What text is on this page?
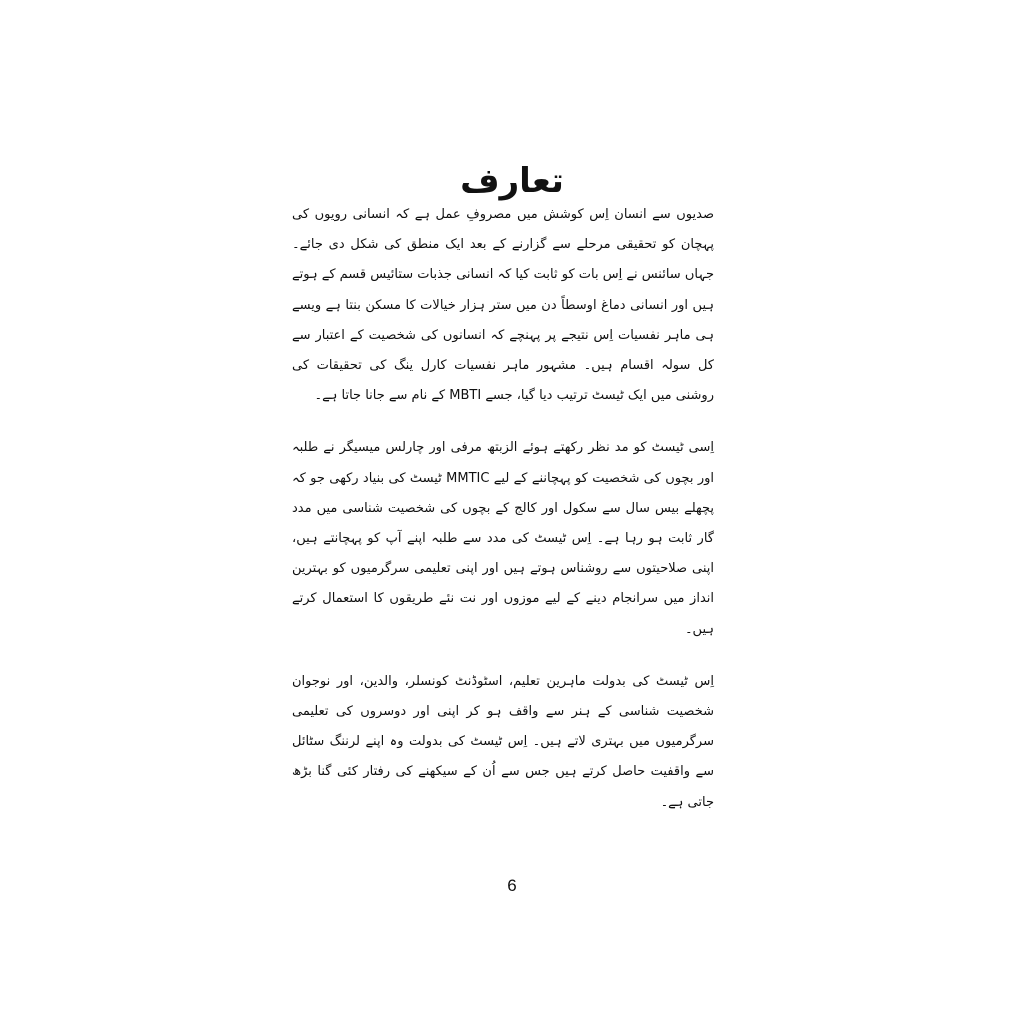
تعارف

صدیوں سے انسان اِس کوشش میں مصروفِ عمل ہے کہ انسانی رویوں کی پہچان کو تحقیقی مرحلے سے گزارنے کے بعد ایک منطق کی شکل دی جائے۔ جہاں سائنس نے اِس بات کو ثابت کیا کہ انسانی جذبات ستائیس قسم کے ہوتے ہیں اور انسانی دماغ اوسطاً دن میں ستر ہزار خیالات کا مسکن بنتا ہے ویسے ہی ماہر نفسیات اِس نتیجے پر پہنچے کہ انسانوں کی شخصیت کے اعتبار سے کل سولہ اقسام ہیں۔ مشہور ماہر نفسیات کارل ینگ کی تحقیقات کی روشنی میں ایک ٹیسٹ ترتیب دیا گیا، جسے MBTI کے نام سے جانا جاتا ہے۔

اِسی ٹیسٹ کو مد نظر رکھتے ہوئے الزبتھ مرفی اور چارلس میسیگر نے طلبہ اور بچوں کی شخصیت کو پہچاننے کے لیے MMTIC ٹیسٹ کی بنیاد رکھی جو کہ پچھلے بیس سال سے سکول اور کالج کے بچوں کی شخصیت شناسی میں مدد گار ثابت ہو رہا ہے۔ اِس ٹیسٹ کی مدد سے طلبہ اپنے آپ کو پہچانتے ہیں، اپنی صلاحیتوں سے روشناس ہوتے ہیں اور اپنی تعلیمی سرگرمیوں کو بہترین انداز میں سرانجام دینے کے لیے موزوں اور نت نئے طریقوں کا استعمال کرتے ہیں۔

اِس ٹیسٹ کی بدولت ماہرین تعلیم، اسٹوڈنٹ کونسلر، والدین، اور نوجوان شخصیت شناسی کے ہنر سے واقف ہو کر اپنی اور دوسروں کی تعلیمی سرگرمیوں میں بہتری لاتے ہیں۔ اِس ٹیسٹ کی بدولت وہ اپنے لرننگ سٹائل سے واقفیت حاصل کرتے ہیں جس سے اُن کے سیکھنے کی رفتار کئی گنا بڑھ جاتی ہے۔

6
